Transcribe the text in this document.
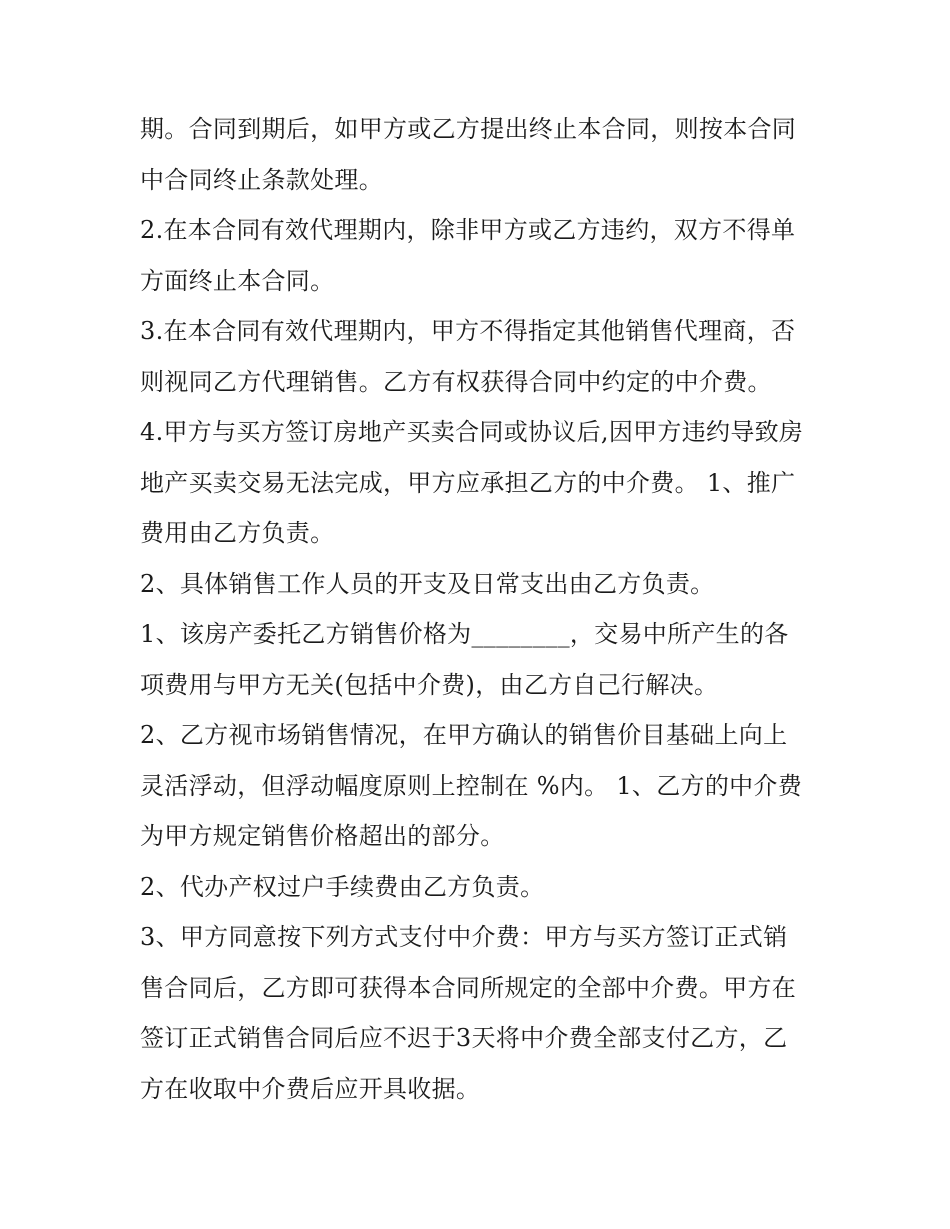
期。合同到期后，如甲方或乙方提出终止本合同，则按本合同
中合同终止条款处理。
2.在本合同有效代理期内，除非甲方或乙方违约，双方不得单
方面终止本合同。
3.在本合同有效代理期内，甲方不得指定其他销售代理商，否
则视同乙方代理销售。乙方有权获得合同中约定的中介费。
4.甲方与买方签订房地产买卖合同或协议后,因甲方违约导致房
地产买卖交易无法完成，甲方应承担乙方的中介费。 1、推广
费用由乙方负责。
2、具体销售工作人员的开支及日常支出由乙方负责。
1、该房产委托乙方销售价格为________，交易中所产生的各
项费用与甲方无关(包括中介费)，由乙方自己行解决。
2、乙方视市场销售情况，在甲方确认的销售价目基础上向上
灵活浮动，但浮动幅度原则上控制在 %内。 1、乙方的中介费
为甲方规定销售价格超出的部分。
2、代办产权过户手续费由乙方负责。
3、甲方同意按下列方式支付中介费：甲方与买方签订正式销
售合同后，乙方即可获得本合同所规定的全部中介费。甲方在
签订正式销售合同后应不迟于3天将中介费全部支付乙方，乙
方在收取中介费后应开具收据。
